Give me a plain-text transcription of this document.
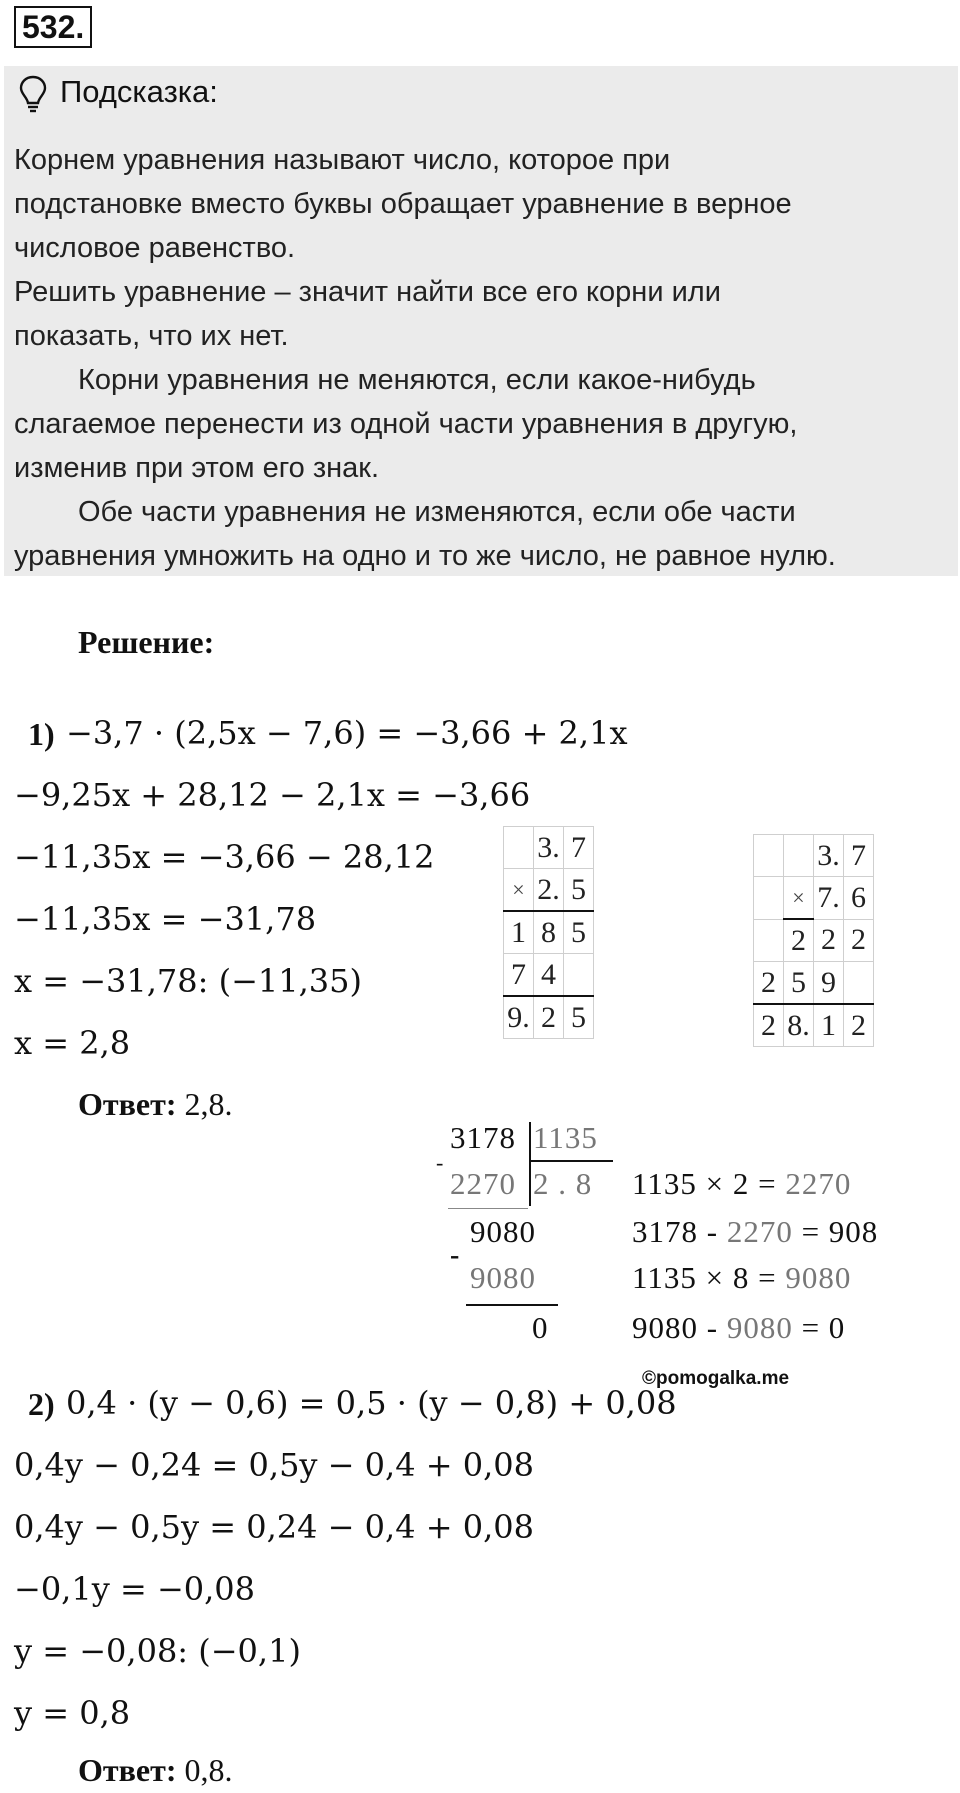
532.
Подсказка:
Корнем уравнения называют число, которое при
подстановке вместо буквы обращает уравнение в верное
числовое равенство.
Решить уравнение – значит найти все его корни или
показать, что их нет.
Корни уравнения не меняются, если какое-нибудь
слагаемое перенести из одной части уравнения в другую,
изменив при этом его знак.
Обе части уравнения не изменяются, если обе части
уравнения умножить на одно и то же число, не равное нулю.
Решение:
1) −3,7 · (2,5x − 7,6) = −3,66 + 2,1x
−9,25x + 28,12 − 2,1x = −3,66
−11,35x = −3,66 − 28,12
−11,35x = −31,78
x = −31,78: (−11,35)
x = 2,8
Ответ: 2,8.
	3.	7
×	2.	5
1	8	5
7	4	
9.	2	5
		3.	7
	×	7.	6
	2	2	2
2	5	9	
2	8.	1	2
3178 1135
-
2270 2 . 8
9080
-
9080
0
1135 × 2 = 2270
3178 - 2270 = 908
1135 × 8 = 9080
9080 - 9080 = 0
©pomogalka.me
2) 0,4 · (y − 0,6) = 0,5 · (y − 0,8) + 0,08
0,4y − 0,24 = 0,5y − 0,4 + 0,08
0,4y − 0,5y = 0,24 − 0,4 + 0,08
−0,1y = −0,08
y = −0,08: (−0,1)
y = 0,8
Ответ: 0,8.
